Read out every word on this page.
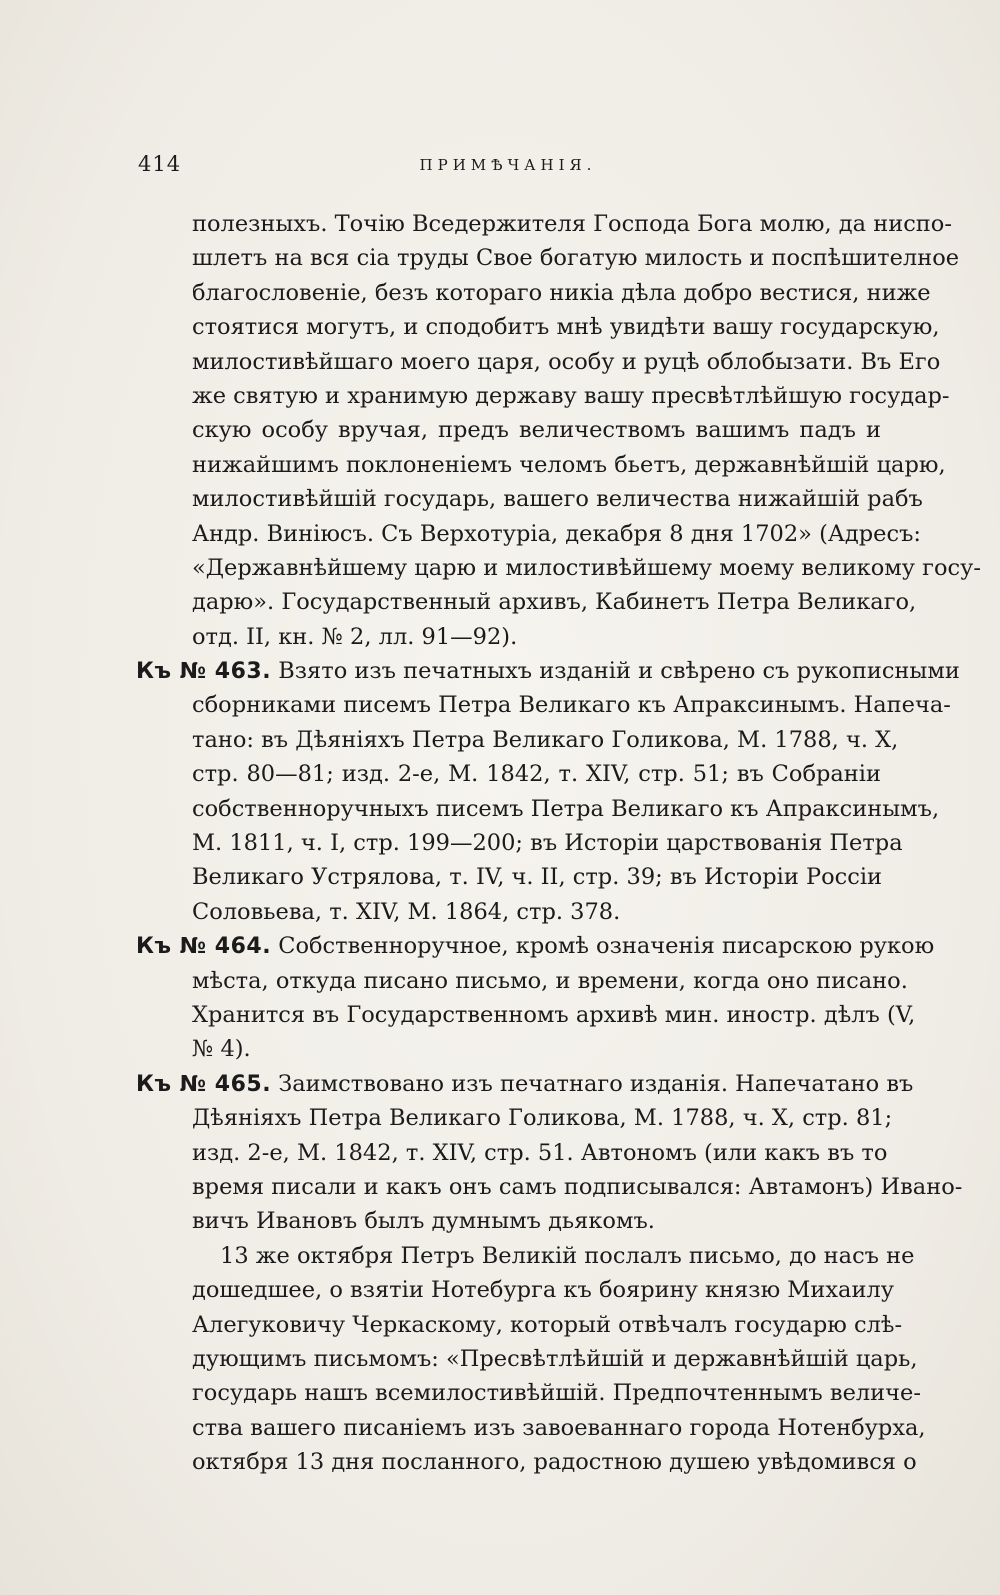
414	ПРИМѢЧАНІЯ.
полезныхъ. Точію Вседержителя Господа Бога молю, да ниспо-
шлетъ на вся сіа труды Свое богатую милость и поспѣшителное
благословеніе, безъ котораго никіа дѣла добро вестися, ниже
стоятися могутъ, и сподобитъ мнѣ увидѣти вашу государскую,
милостивѣйшаго моего царя, особу и руцѣ облобызати. Въ Его
же святую и хранимую державу вашу пресвѣтлѣйшую государ-
скую особу вручая, предъ величествомъ вашимъ падъ и
нижайшимъ поклоненіемъ челомъ бьетъ, державнѣйшій царю,
милостивѣйшій государь, вашего величества нижайшій рабъ
Андр. Виніюсъ. Съ Верхотуріа, декабря 8 дня 1702» (Адресъ:
«Державнѣйшему царю и милостивѣйшему моему великому госу-
дарю». Государственный архивъ, Кабинетъ Петра Великаго,
отд. II, кн. № 2, лл. 91—92).
Къ № 463. Взято изъ печатныхъ изданій и свѣрено съ рукописными
сборниками писемъ Петра Великаго къ Апраксинымъ. Напеча-
тано: въ Дѣяніяхъ Петра Великаго Голикова, М. 1788, ч. X,
стр. 80—81; изд. 2-е, М. 1842, т. XIV, стр. 51; въ Собраніи
собственноручныхъ писемъ Петра Великаго къ Апраксинымъ,
М. 1811, ч. I, стр. 199—200; въ Исторіи царствованія Петра
Великаго Устрялова, т. IV, ч. II, стр. 39; въ Исторіи Россіи
Соловьева, т. XIV, М. 1864, стр. 378.
Къ № 464. Собственноручное, кромѣ означенія писарскою рукою
мѣста, откуда писано письмо, и времени, когда оно писано.
Хранится въ Государственномъ архивѣ мин. иностр. дѣлъ (V,
№ 4).
Къ № 465. Заимствовано изъ печатнаго изданія. Напечатано въ
Дѣяніяхъ Петра Великаго Голикова, М. 1788, ч. X, стр. 81;
изд. 2-е, М. 1842, т. XIV, стр. 51. Автономъ (или какъ въ то
время писали и какъ онъ самъ подписывался: Автамонъ) Ивано-
вичъ Ивановъ былъ думнымъ дьякомъ.
13 же октября Петръ Великій послалъ письмо, до насъ не
дошедшее, о взятіи Нотебурга къ боярину князю Михаилу
Алегуковичу Черкаскому, который отвѣчалъ государю слѣ-
дующимъ письмомъ: «Пресвѣтлѣйшій и державнѣйшій царь,
государь нашъ всемилостивѣйшій. Предпочтеннымъ величе-
ства вашего писаніемъ изъ завоеваннаго города Нотенбурха,
октября 13 дня посланного, радостною душею увѣдомився о
